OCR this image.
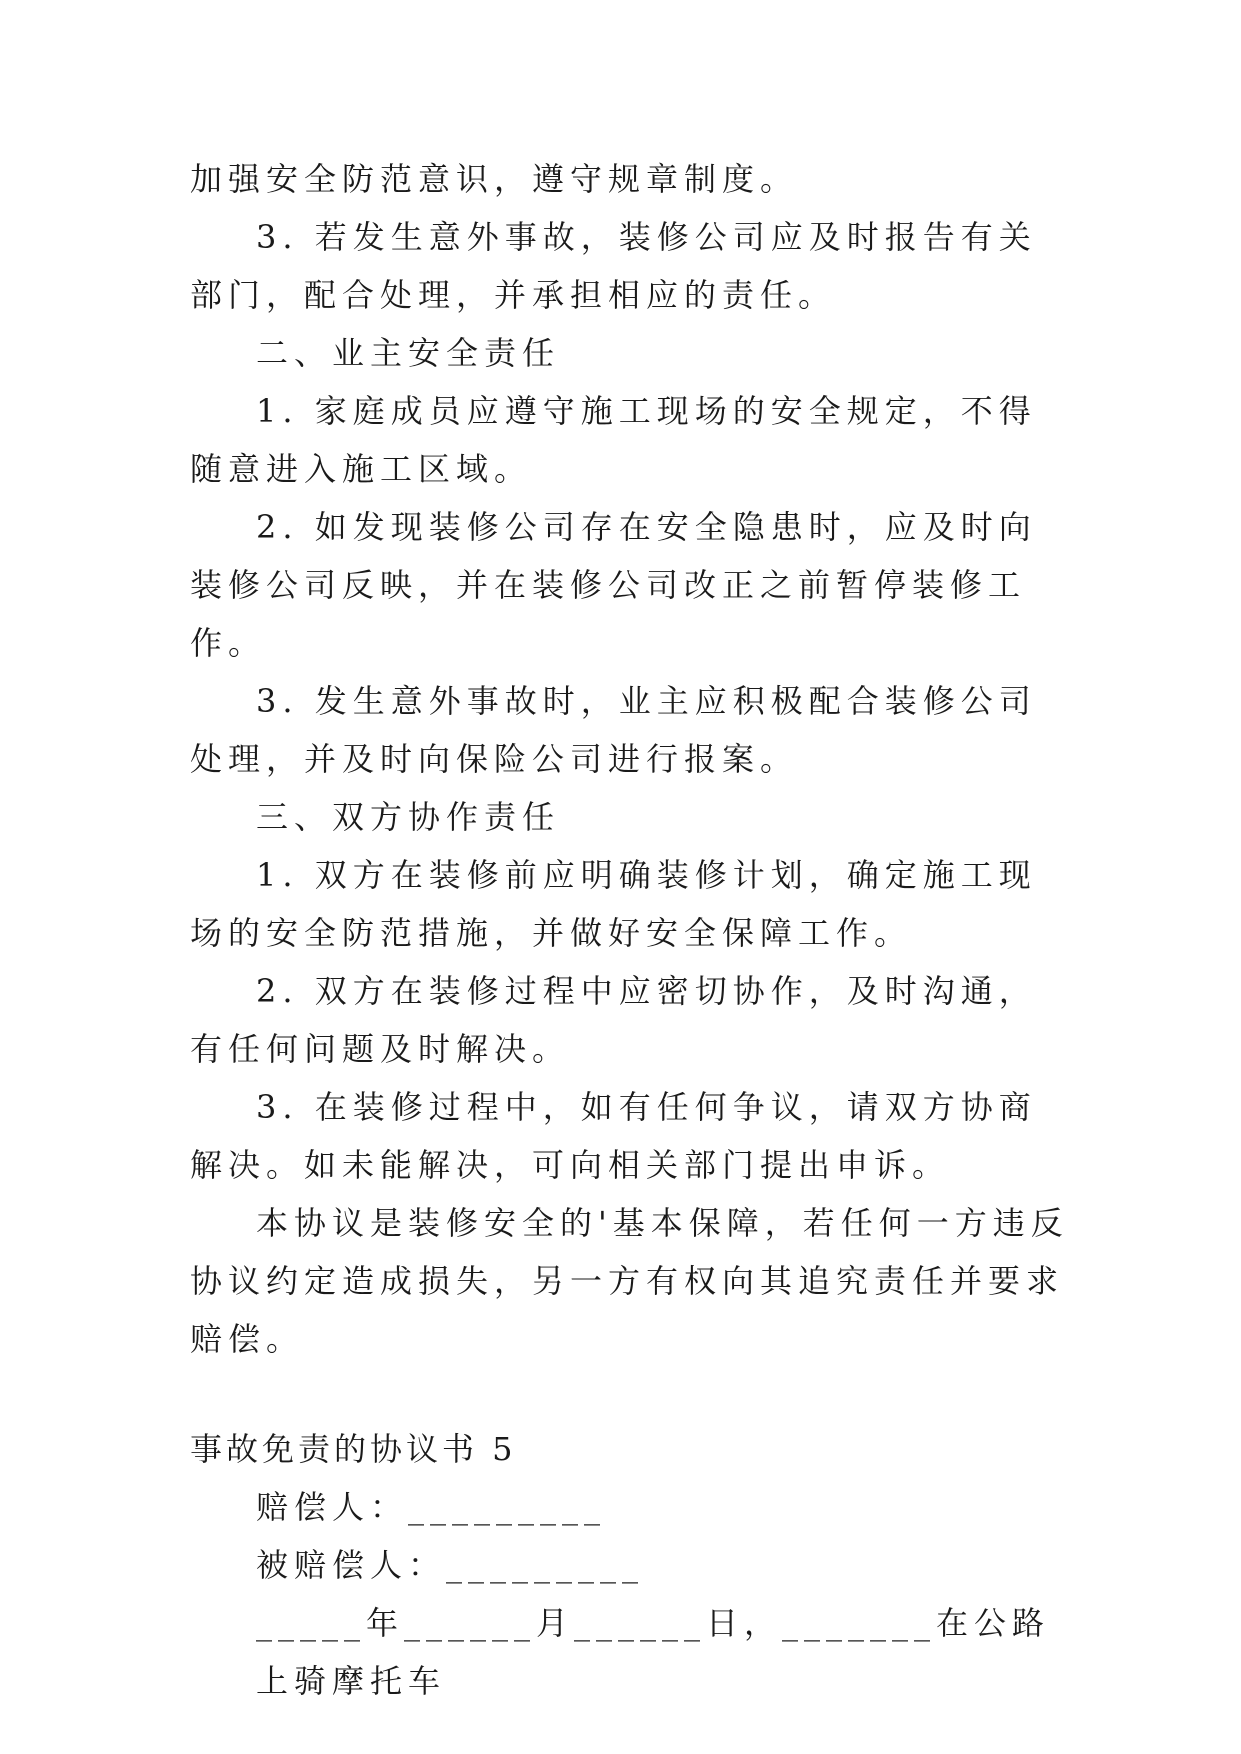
加强安全防范意识，遵守规章制度。

3. 若发生意外事故，装修公司应及时报告有关部门，配合处理，并承担相应的责任。

二、业主安全责任

1. 家庭成员应遵守施工现场的安全规定，不得随意进入施工区域。

2. 如发现装修公司存在安全隐患时，应及时向装修公司反映，并在装修公司改正之前暂停装修工作。

3. 发生意外事故时，业主应积极配合装修公司处理，并及时向保险公司进行报案。

三、双方协作责任

1. 双方在装修前应明确装修计划，确定施工现场的安全防范措施，并做好安全保障工作。

2. 双方在装修过程中应密切协作，及时沟通，有任何问题及时解决。

3. 在装修过程中，如有任何争议，请双方协商解决。如未能解决，可向相关部门提出申诉。

本协议是装修安全的'基本保障，若任何一方违反协议约定造成损失，另一方有权向其追究责任并要求赔偿。

事故免责的协议书 5

赔偿人：_________

被赔偿人：_________

_____年______月______日，_______在公路上骑摩托车
